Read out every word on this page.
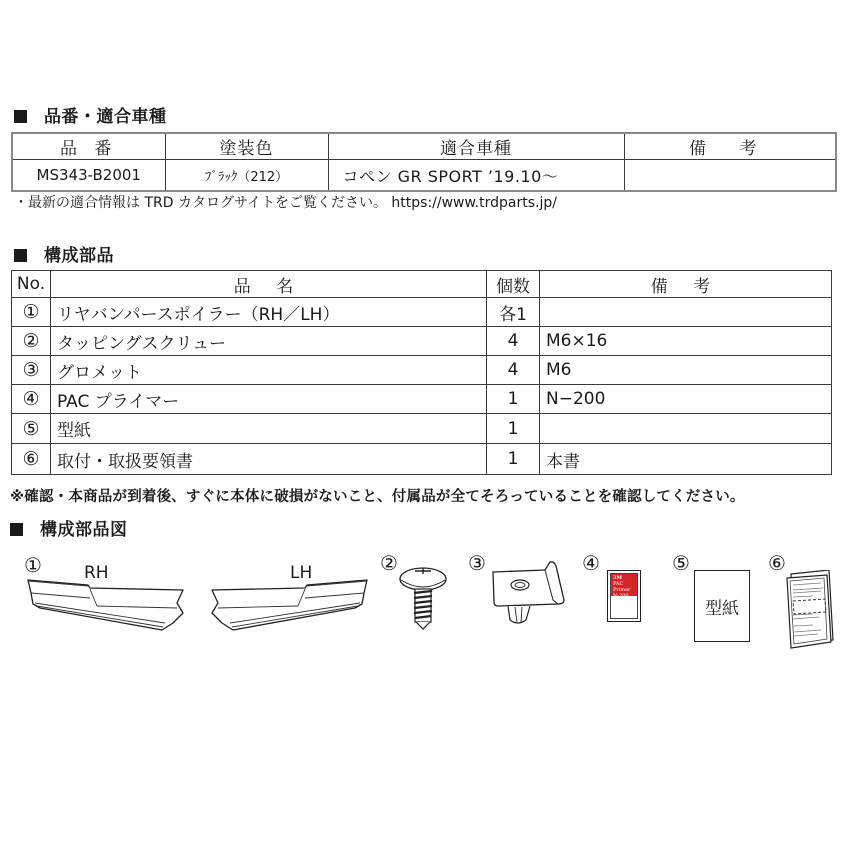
品番・適合車種
品 番	塗装色	適合車種	備 考
MS343-B2001	ﾌﾞﾗｯｸ（212）	コペン GR SPORT ’19.10〜	
・最新の適合情報は TRD カタログサイトをご覧ください。 https://www.trdparts.jp/
構成部品
No.	品 名	個数	備 考
①	リヤバンパースポイラー（RH／LH）	各1	
②	タッピングスクリュー	4	M6×16
③	グロメット	4	M6
④	PAC プライマー	1	N−200
⑤	型紙	1	
⑥	取付・取扱要領書	1	本書
※確認・本商品が到着後、すぐに本体に破損がないこと、付属品が全てそろっていることを確認してください。
構成部品図
① RH	LH	②	③	④
3M
PAC Primer
N-200
⑤
型紙
⑥
